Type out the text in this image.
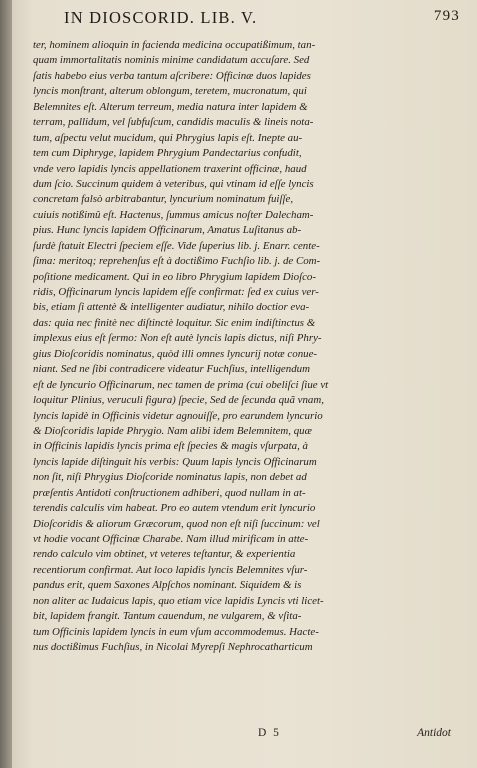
IN DIOSCORID. LIB. V.	793
ter, hominem alioquin in facienda medicina occupatißimum, tan-
quam immortalitatis nominis minime candidatum accuſare. Sed
ſatis habebo eius verba tantum aſcribere: Officinæ duos lapides
lyncis monſtrant, alterum oblongum, teretem, mucronatum, qui
Belemnites eſt. Alterum terreum, media natura inter lapidem &
terram, pallidum, vel ſubfuſcum, candidis maculis & lineis notа-
tum, aſpectu velut mucidum, qui Phrygius lapis eſt. Inepte au-
tem cum Diphryge, lapidem Phrygium Pandectarius confudit,
vnde vero lapidis lyncis appellationem traxerint officinæ, haud
dum ſcio. Succinum quidem à veteribus, qui vtinam id eſſe lyncis
concretam falsò arbitrabantur, lyncurium nominatum fuiſſe,
cuiuis notißimû eſt. Hactenus, ſummus amicus noſter Dalecham-
pius. Hunc lyncis lapidem Officinarum, Amatus Luſitanus ab-
ſurdè ſtatuit Electri ſpeciem eſſe. Vide ſuperius lib. j. Enarr. cente-
ſima: meritoq; reprehenſus eſt à doctißimo Fuchſio lib. j. de Com-
poſitione medicament. Qui in eo libro Phrygium lapidem Dioſco-
ridis, Officinarum lyncis lapidem eſſe confirmat: ſed ex cuius ver-
bis, etiam ſi attentè & intelligenter audiatur, nihilo doctior eva-
das: quia nec finitè nec diſtinctè loquitur. Sic enim indiſtinctus &
implexus eius eſt ſermo: Non eſt autè lyncis lapis dictus, niſi Phry-
gius Dioſcoridis nominatus, quòd illi omnes lyncurij notæ conue-
niant. Sed ne ſibi contradicere videatur Fuchſius, intelligendum
eſt de lyncurio Officinarum, nec tamen de prima (cui obeliſci ſiue vt
loquitur Plinius, veruculi figura) ſpecie, Sed de ſecunda quã vnam,
lyncis lapidè in Officinis videtur agnouiſſe, pro earundem lyncurio
& Dioſcoridis lapide Phrygio. Nam alibi idem Belemnitem, quæ
in Officinis lapidis lyncis prima eſt ſpecies & magis vſurpata, à
lyncis lapide diſtinguit his verbis: Quum lapis lyncis Officinarum
non ſit, niſi Phrygius Dioſcoride nominatus lapis, non debet ad
præſentis Antidoti conſtructionem adhiberi, quod nullam in at-
terendis calculis vim habeat. Pro eo autem vtendum erit lyncurio
Dioſcoridis & aliorum Græcorum, quod non eſt niſi ſuccinum: vel
vt hodie vocant Officinæ Charabe. Nam illud mirificam in atte-
rendo calculo vim obtinet, vt veteres teſtantur, & experientia
recentiorum confirmat. Aut loco lapidis lyncis Belemnites vſur-
pandus erit, quem Saxones Alpſchos nominant. Siquidem & is
non aliter ac Iudaicus lapis, quo etiam vice lapidis Lyncis vti licet-
bit, lapidem frangit. Tantum cauendum, ne vulgarem, & vſita-
tum Officinis lapidem lyncis in eum vſum accommodemus. Hacte-
nus doctißimus Fuchſius, in Nicolai Myrepſi Nephrocatharticum
D 5	Antidot
